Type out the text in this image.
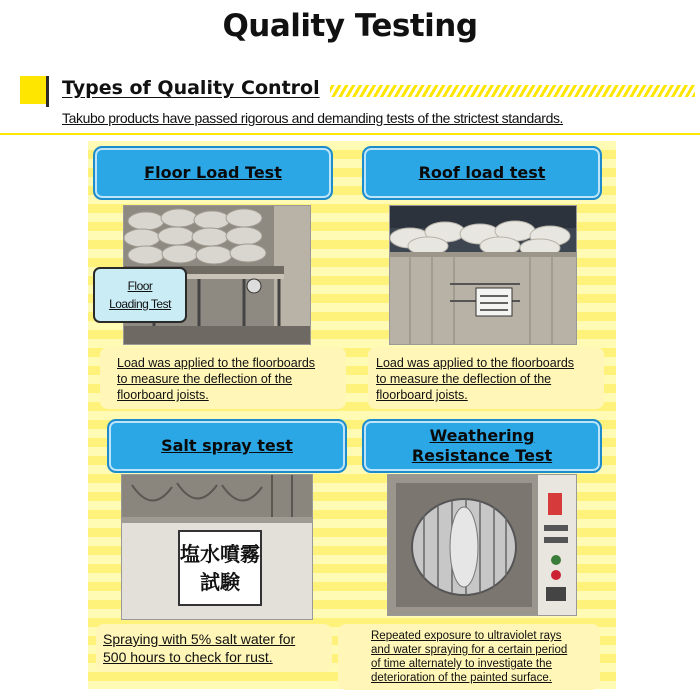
Quality Testing
Types of Quality Control
Takubo products have passed rigorous and demanding tests of the strictest standards.
Floor Load Test
Floor
Loading Test
Load was applied to the floorboards
to measure the deflection of the
floorboard joists.
Roof load test
Load was applied to the floorboards
to measure the deflection of the
floorboard joists.
Salt spray test
塩水噴霧
試験
Spraying with 5% salt water for
500 hours to check for rust.
Weathering
Resistance Test
Repeated exposure to ultraviolet rays
and water spraying for a certain period
of time alternately to investigate the
deterioration of the painted surface.
